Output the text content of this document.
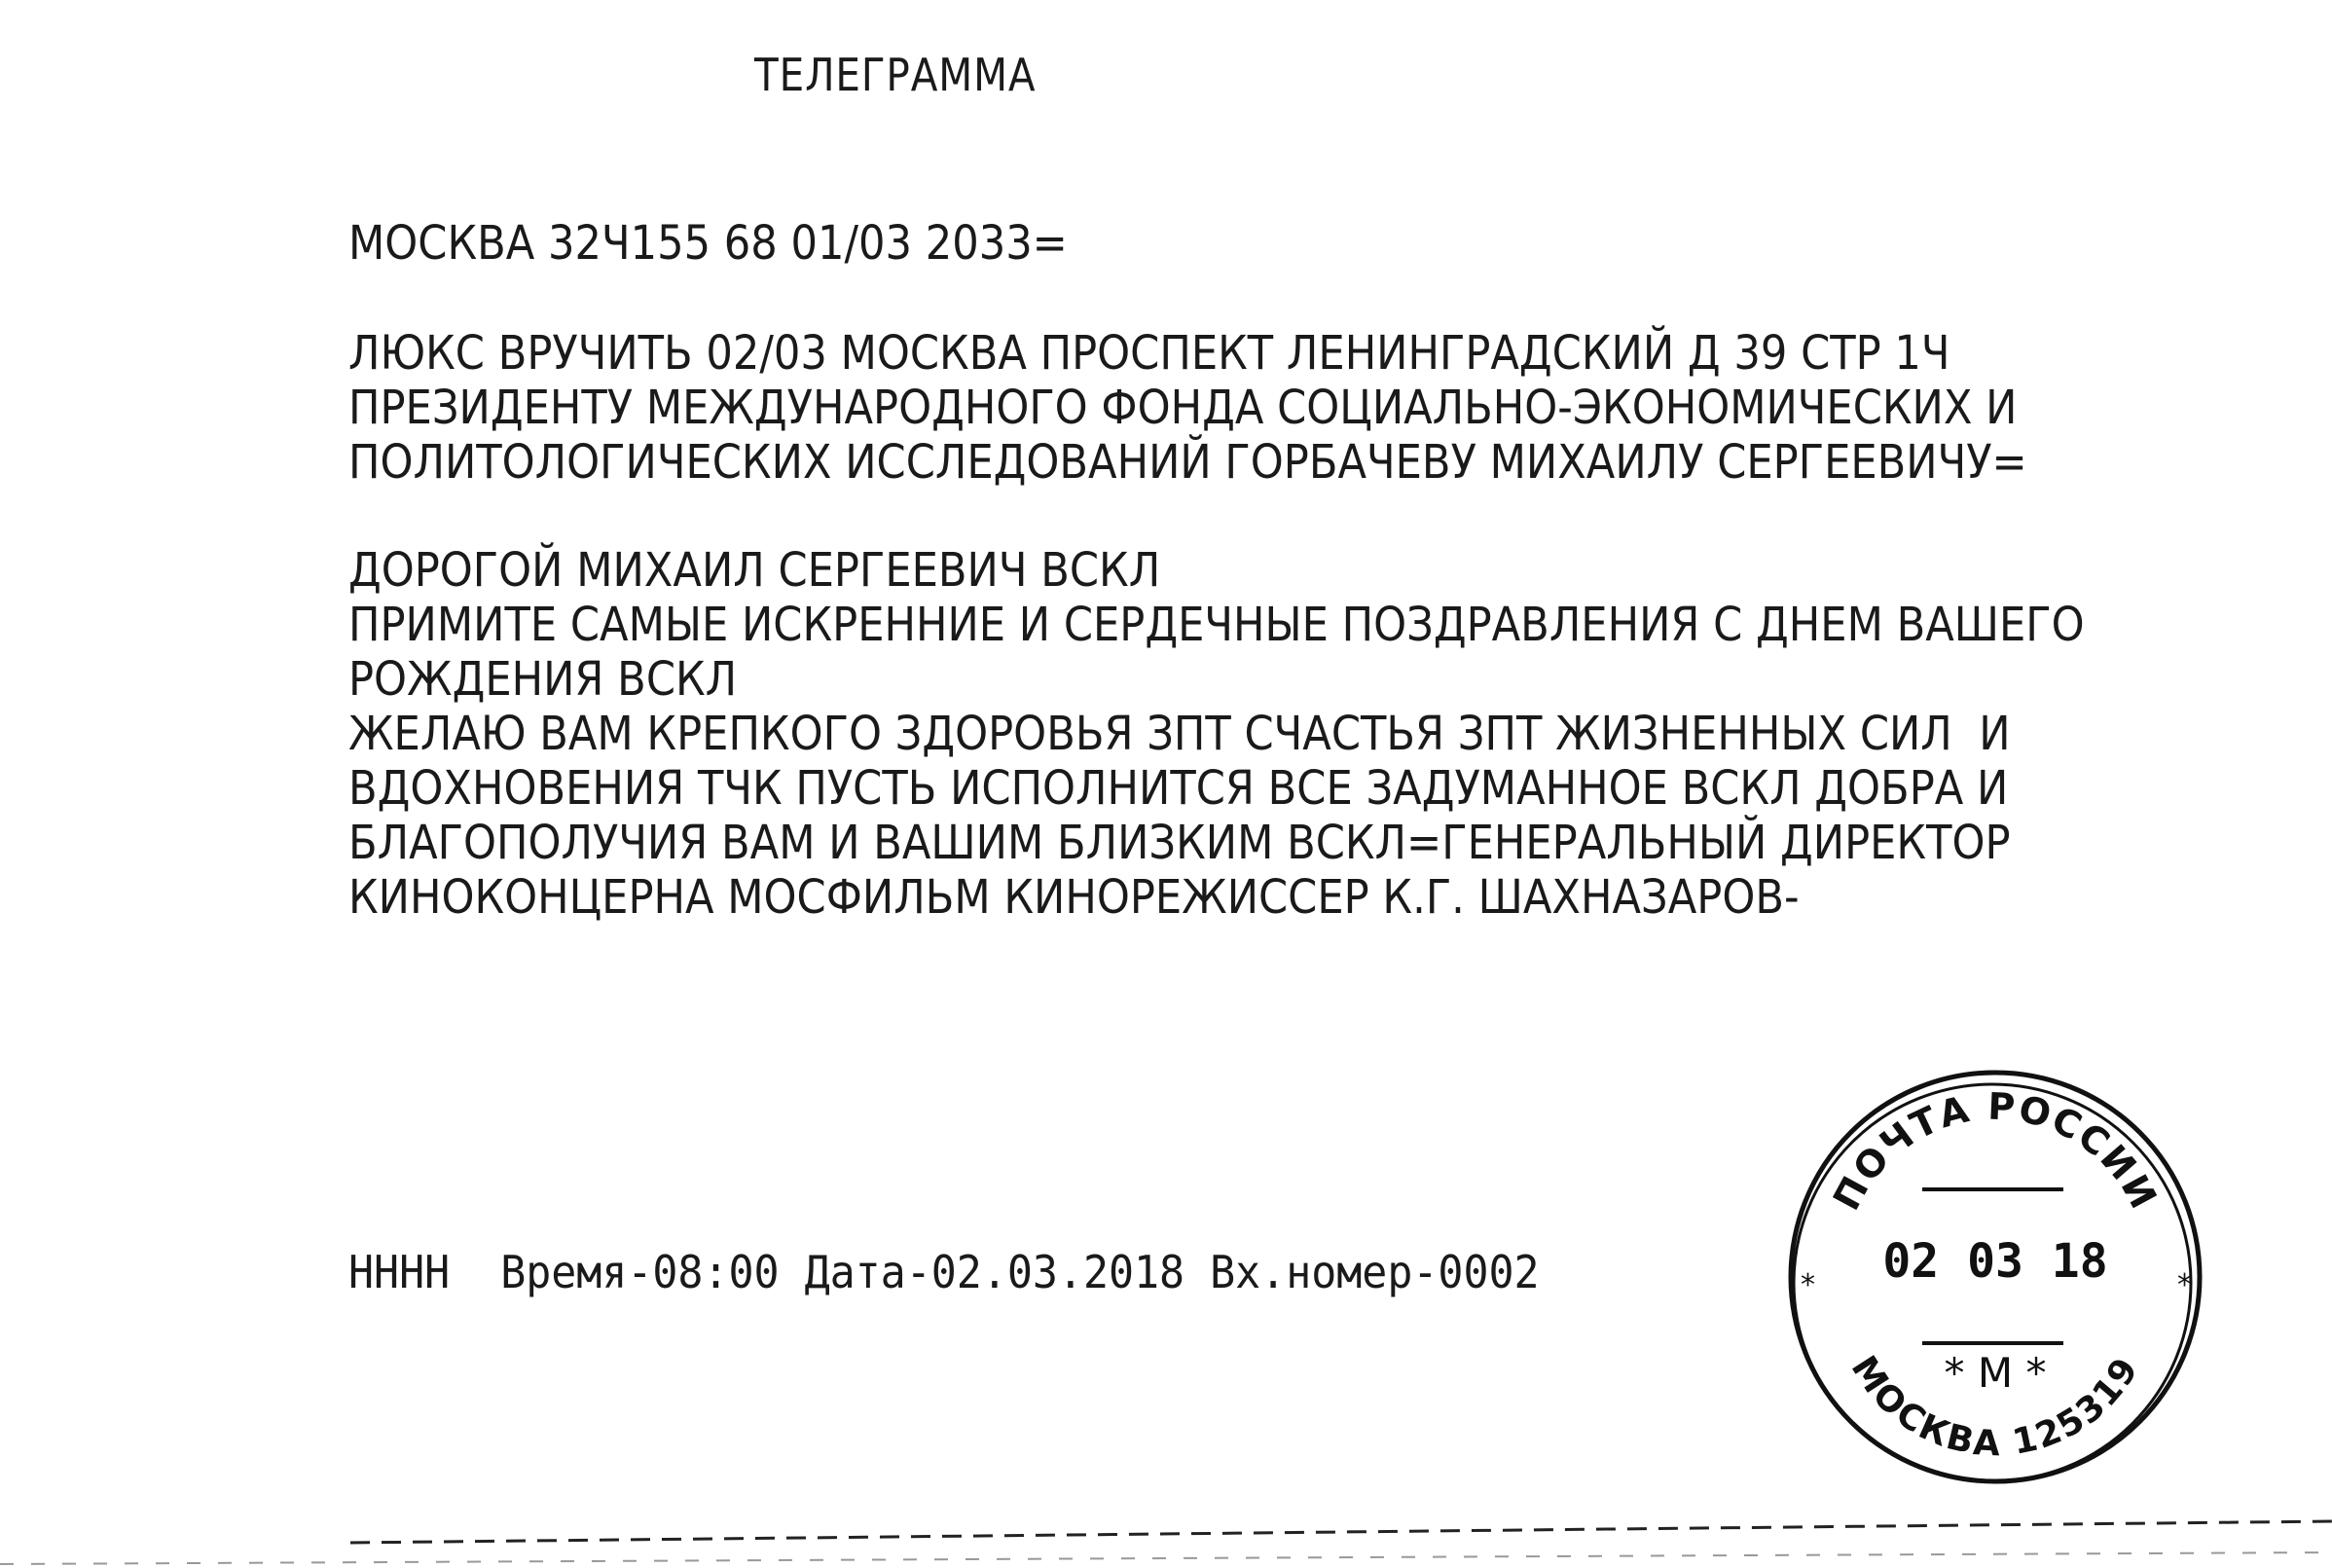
ТЕЛЕГРАММА

МОСКВА 32Ч155 68 01/03 2033=

ЛЮКС ВРУЧИТЬ 02/03 МОСКВА ПРОСПЕКТ ЛЕНИНГРАДСКИЙ Д 39 СТР 1Ч

ПРЕЗИДЕНТУ МЕЖДУНАРОДНОГО ФОНДА СОЦИАЛЬНО-ЭКОНОМИЧЕСКИХ И

ПОЛИТОЛОГИЧЕСКИХ ИССЛЕДОВАНИЙ ГОРБАЧЕВУ МИХАИЛУ СЕРГЕЕВИЧУ=

ДОРОГОЙ МИХАИЛ СЕРГЕЕВИЧ ВСКЛ

ПРИМИТЕ САМЫЕ ИСКРЕННИЕ И СЕРДЕЧНЫЕ ПОЗДРАВЛЕНИЯ С ДНЕМ ВАШЕГО

РОЖДЕНИЯ ВСКЛ

ЖЕЛАЮ ВАМ КРЕПКОГО ЗДОРОВЬЯ ЗПТ СЧАСТЬЯ ЗПТ ЖИЗНЕННЫХ СИЛ  И

ВДОХНОВЕНИЯ ТЧК ПУСТЬ ИСПОЛНИТСЯ ВСЕ ЗАДУМАННОЕ ВСКЛ ДОБРА И

БЛАГОПОЛУЧИЯ ВАМ И ВАШИМ БЛИЗКИМ ВСКЛ=ГЕНЕРАЛЬНЫЙ ДИРЕКТОР

КИНОКОНЦЕРНА МОСФИЛЬМ КИНОРЕЖИССЕР К.Г. ШАХНАЗАРОВ-

НННН  Время-08:00 Дата-02.03.2018 Вх.номер-0002

ПОЧТА РОССИИ
МОСКВА 125319
02 03 18
* М *
*	*
